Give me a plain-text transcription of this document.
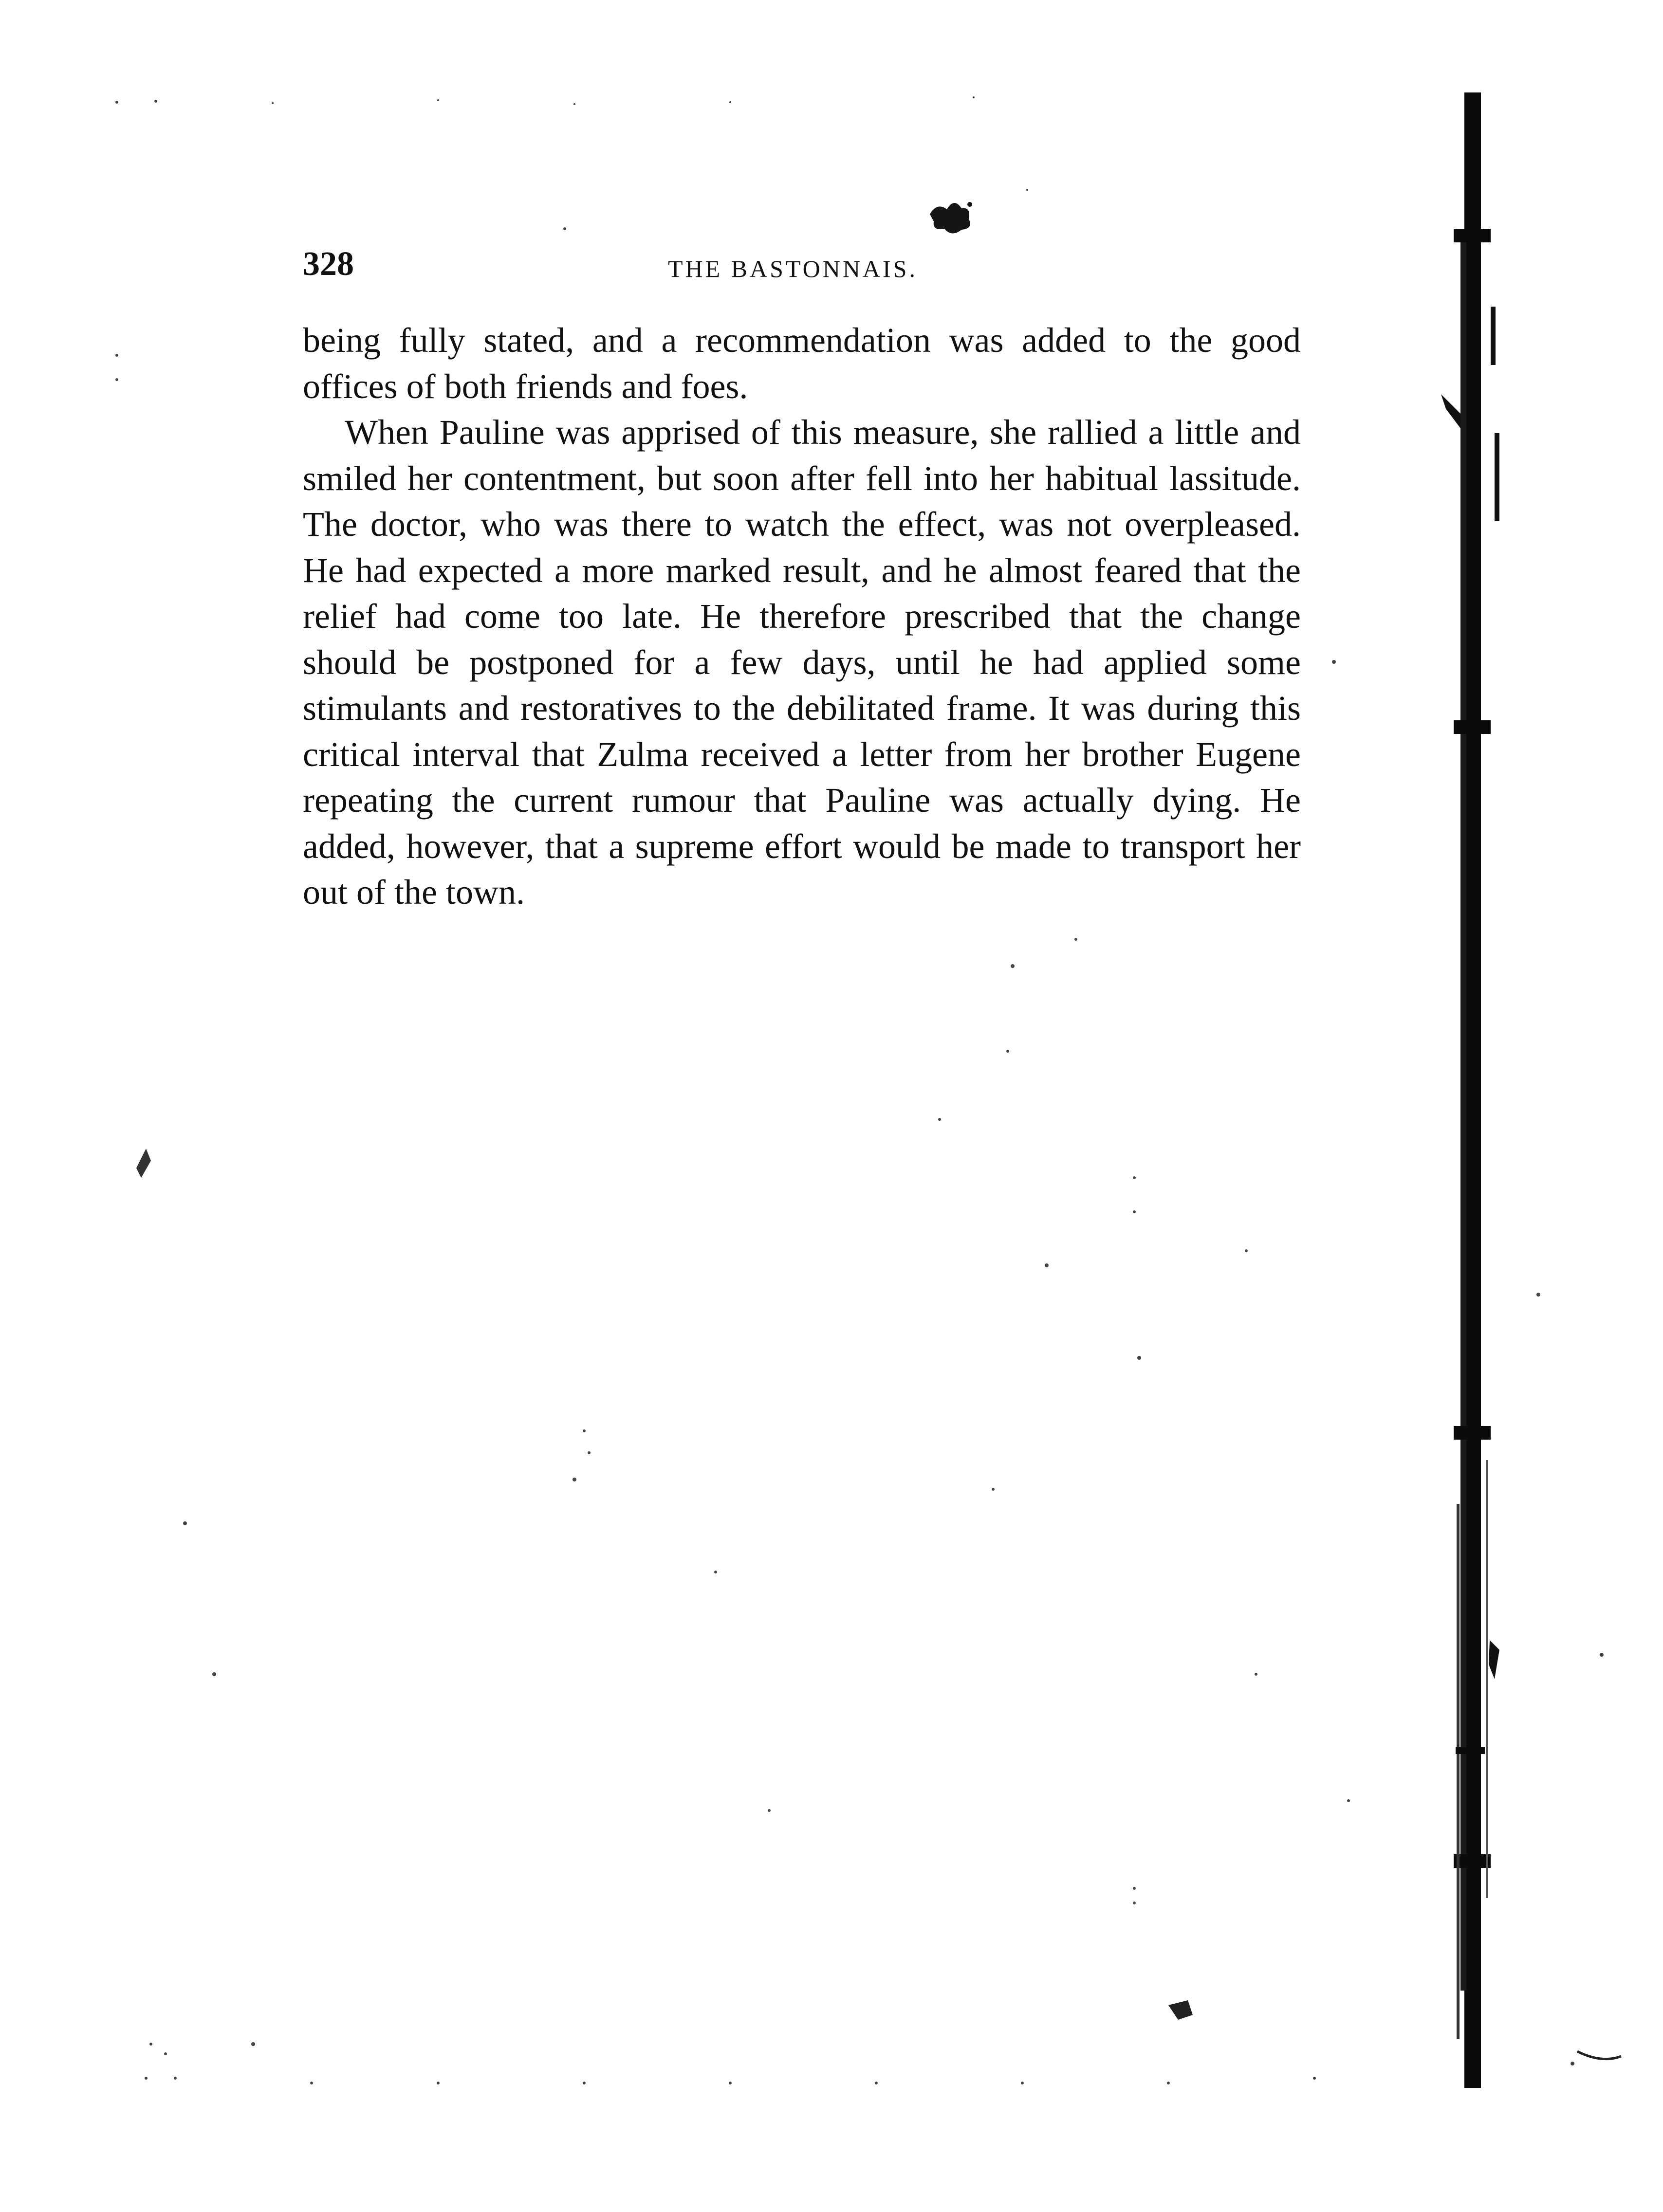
328	THE BASTONNAIS.

being fully stated, and a recommendation was added to the good offices of both friends and foes.

When Pauline was apprised of this measure, she rallied a little and smiled her contentment, but soon after fell into her habitual lassitude. The doctor, who was there to watch the effect, was not overpleased. He had expected a more marked result, and he almost feared that the relief had come too late. He therefore prescribed that the change should be postponed for a few days, until he had applied some stimulants and restoratives to the debilitated frame. It was during this critical interval that Zulma received a letter from her brother Eugene repeating the current rumour that Pauline was actually dying. He added, however, that a supreme effort would be made to transport her out of the town.
